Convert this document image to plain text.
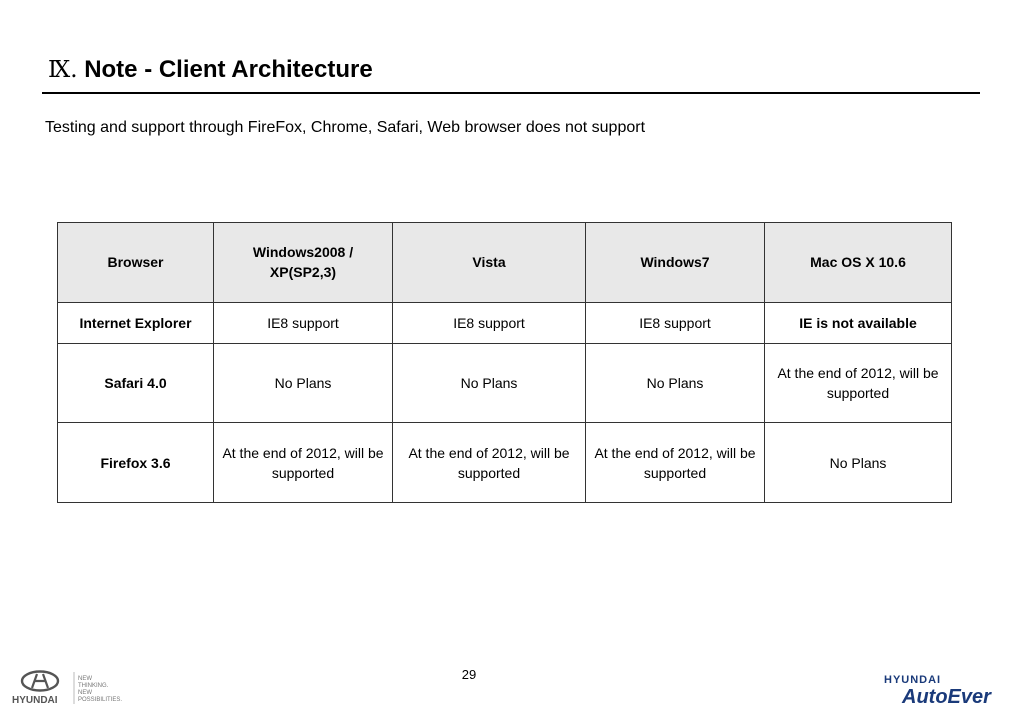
Ⅸ. Note - Client Architecture
Testing and support through FireFox, Chrome, Safari, Web browser does not support
Browser	Windows2008 / XP(SP2,3)	Vista	Windows7	Mac OS X 10.6
Internet Explorer	IE8 support	IE8 support	IE8 support	IE is not available
Safari 4.0	No Plans	No Plans	No Plans	At the end of 2012, will be supported
Firefox 3.6	At the end of 2012, will be supported	At the end of 2012, will be supported	At the end of 2012, will be supported	No Plans
29
HYUNDAI
NEW
THINKING.
NEW
POSSIBILITIES.
HYUNDAI
AutoEver
